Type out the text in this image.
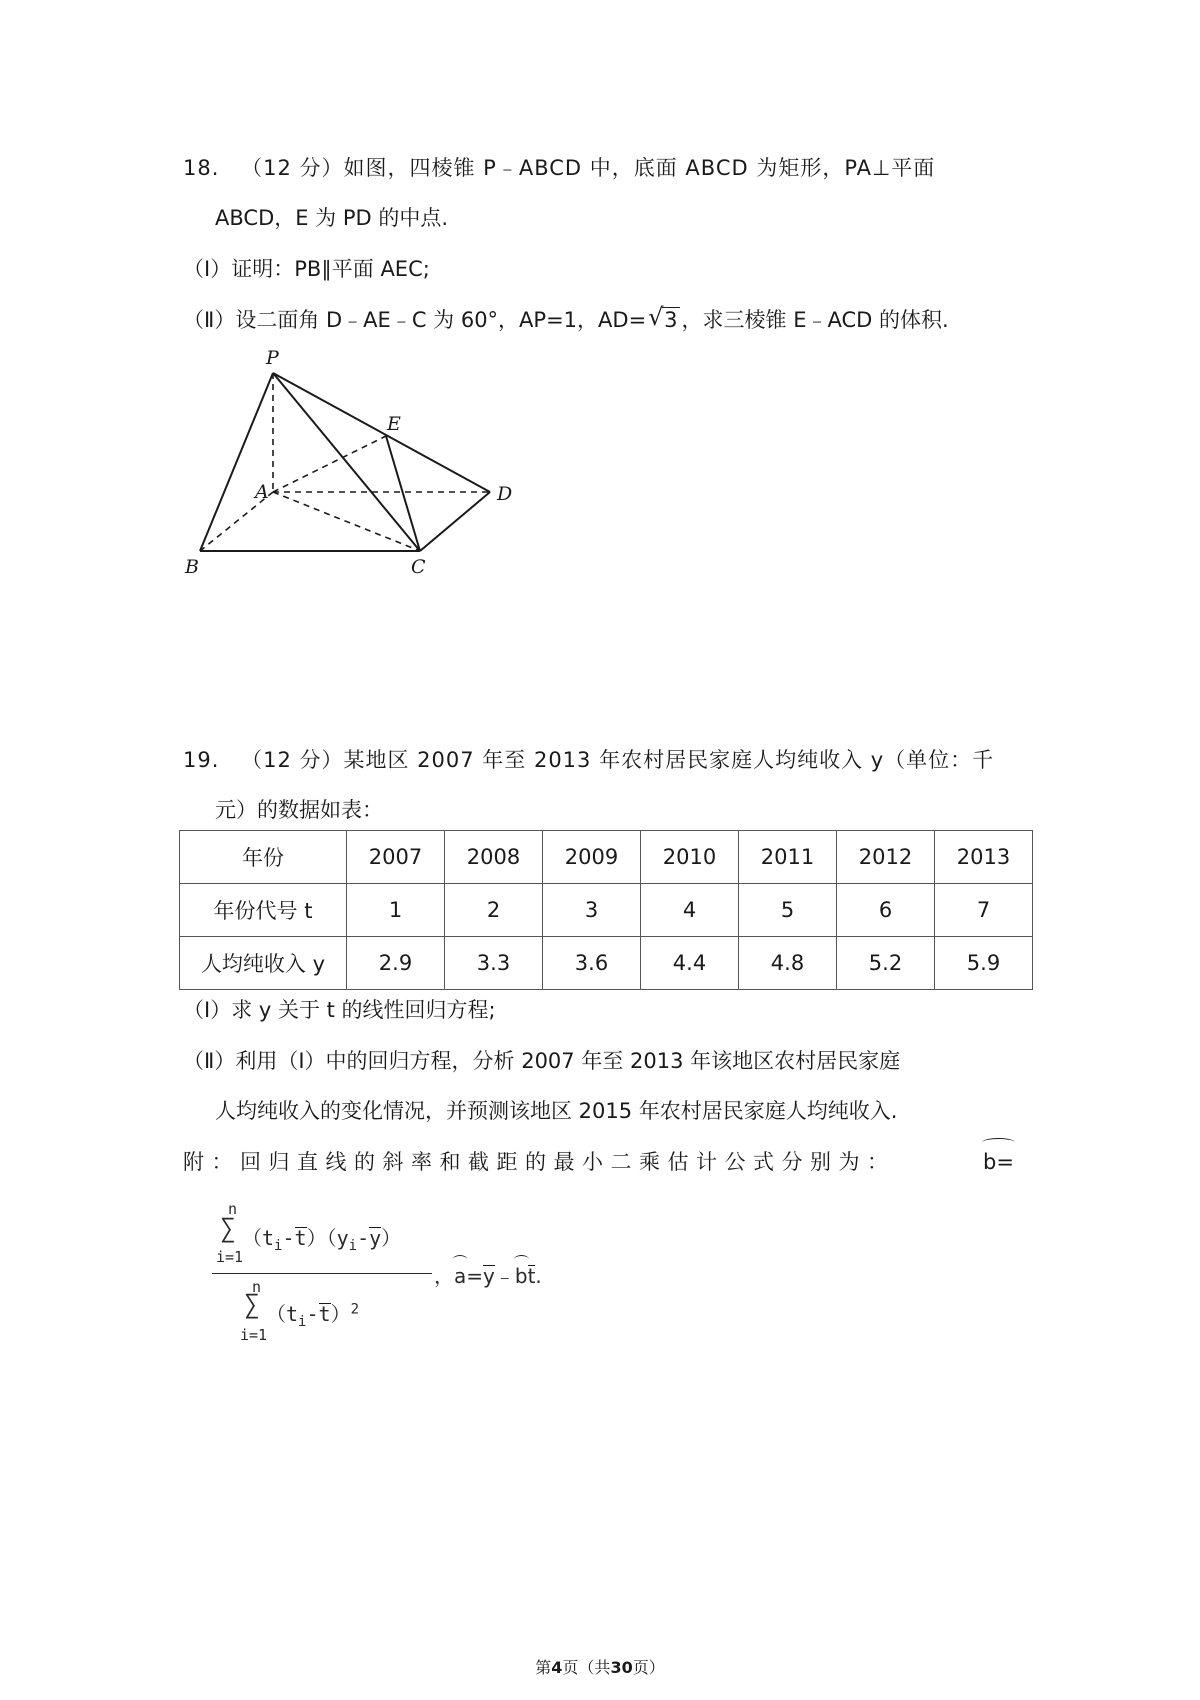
18. （12 分）如图，四棱锥 P﹣ABCD 中，底面 ABCD 为矩形，PA⊥平面
ABCD，E 为 PD 的中点.
（Ⅰ）证明：PB∥平面 AEC;
（Ⅱ）设二面角 D﹣AE﹣C 为 60°，AP=1，AD= √ 3 ，求三棱锥 E﹣ACD 的体积.
P
E
A	D
B	C
19. （12 分）某地区 2007 年至 2013 年农村居民家庭人均纯收入 y（单位：千
元）的数据如表：
年份	2007	2008	2009	2010	2011	2012	2013
年份代号 t	1	2	3	4	5	6	7
人均纯收入 y	2.9	3.3	3.6	4.4	4.8	5.2	5.9
（Ⅰ）求 y 关于 t 的线性回归方程;
（Ⅱ）利用（Ⅰ）中的回归方程，分析 2007 年至 2013 年该地区农村居民家庭
人均纯收入的变化情况，并预测该地区 2015 年农村居民家庭人均纯收入.
附：回归直线的斜率和截距的最小二乘估计公式分别为：	b=
n
∑
i=1
$(t_i-t)(y_i-y)$
n
∑
i=1
$(t_i-t)^2$
，a=y﹣bt.
第4页（共30页）
